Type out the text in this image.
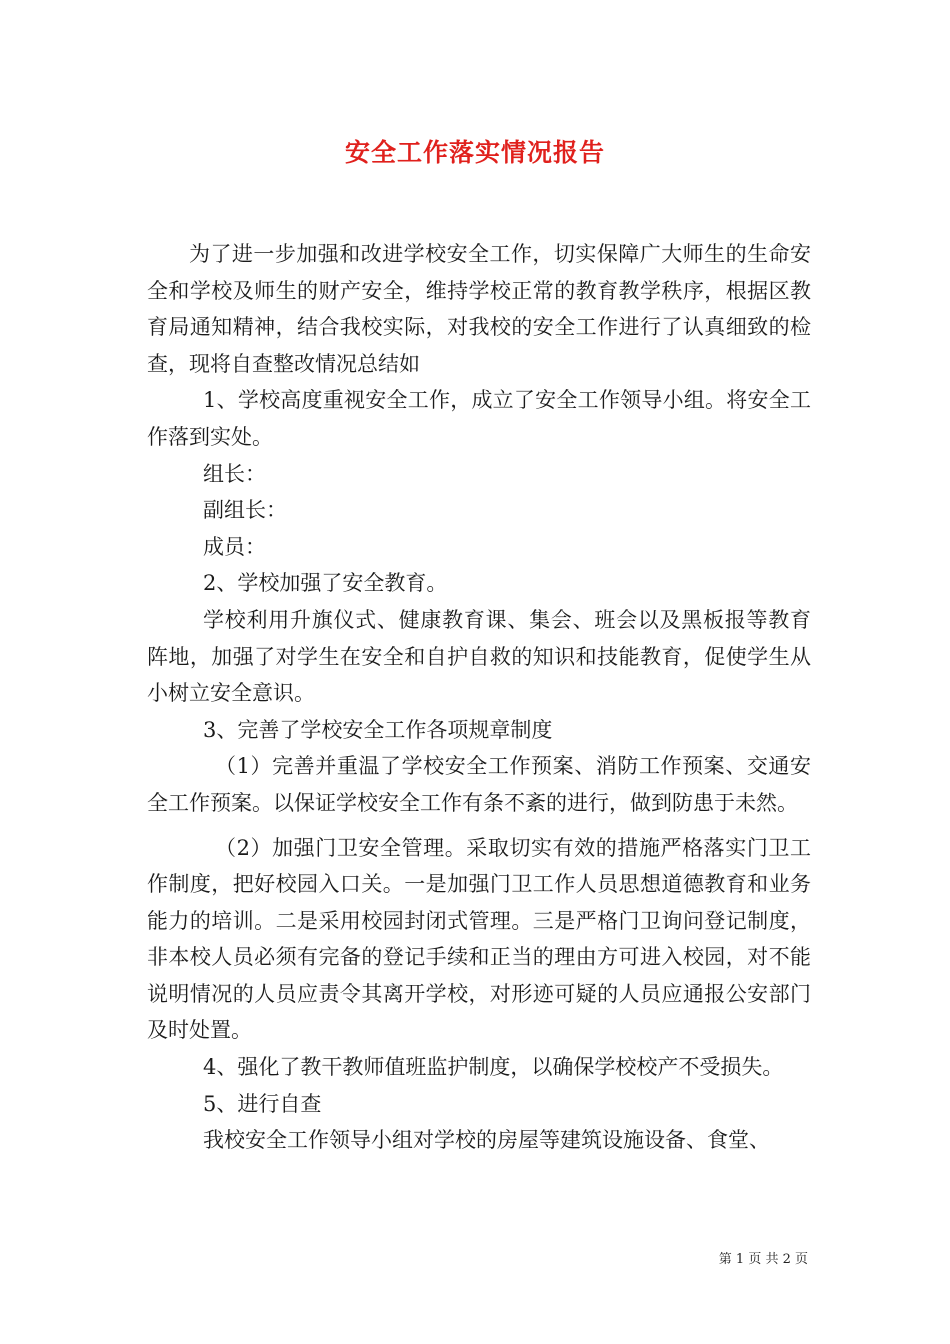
安全工作落实情况报告

为了进一步加强和改进学校安全工作，切实保障广大师生的生命安全和学校及师生的财产安全，维持学校正常的教育教学秩序，根据区教育局通知精神，结合我校实际，对我校的安全工作进行了认真细致的检查，现将自查整改情况总结如

1、学校高度重视安全工作，成立了安全工作领导小组。将安全工作落到实处。

组长：

副组长：

成员：

2、学校加强了安全教育。

学校利用升旗仪式、健康教育课、集会、班会以及黑板报等教育阵地，加强了对学生在安全和自护自救的知识和技能教育，促使学生从小树立安全意识。

3、完善了学校安全工作各项规章制度

（1）完善并重温了学校安全工作预案、消防工作预案、交通安全工作预案。以保证学校安全工作有条不紊的进行，做到防患于未然。

（2）加强门卫安全管理。采取切实有效的措施严格落实门卫工作制度，把好校园入口关。一是加强门卫工作人员思想道德教育和业务能力的培训。二是采用校园封闭式管理。三是严格门卫询问登记制度，非本校人员必须有完备的登记手续和正当的理由方可进入校园，对不能说明情况的人员应责令其离开学校，对形迹可疑的人员应通报公安部门及时处置。

4、强化了教干教师值班监护制度，以确保学校校产不受损失。

5、进行自查

我校安全工作领导小组对学校的房屋等建筑设施设备、食堂、

第 1 页 共 2 页
